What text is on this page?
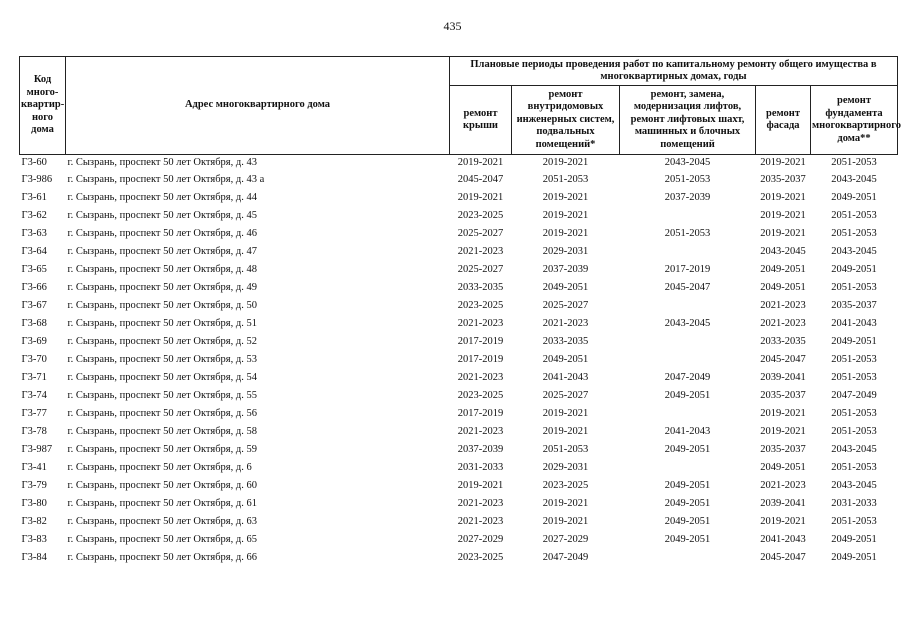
435
Код много-квартир-ного дома	Адрес многоквартирного дома	Плановые периоды проведения работ по капитальному ремонту общего имущества в многоквартирных домах, годы				
		ремонт крыши	ремонт внутридомовых инженерных систем, подвальных помещений*	ремонт, замена, модернизация лифтов, ремонт лифтовых шахт, машинных и блочных помещений	ремонт фасада	ремонт фундамента многоквартирного дома**
Г3-60	г. Сызрань, проспект 50 лет Октября, д. 43	2019-2021	2019-2021	2043-2045	2019-2021	2051-2053
Г3-986	г. Сызрань, проспект 50 лет Октября, д. 43 а	2045-2047	2051-2053	2051-2053	2035-2037	2043-2045
Г3-61	г. Сызрань, проспект 50 лет Октября, д. 44	2019-2021	2019-2021	2037-2039	2019-2021	2049-2051
Г3-62	г. Сызрань, проспект 50 лет Октября, д. 45	2023-2025	2019-2021		2019-2021	2051-2053
Г3-63	г. Сызрань, проспект 50 лет Октября, д. 46	2025-2027	2019-2021	2051-2053	2019-2021	2051-2053
Г3-64	г. Сызрань, проспект 50 лет Октября, д. 47	2021-2023	2029-2031		2043-2045	2043-2045
Г3-65	г. Сызрань, проспект 50 лет Октября, д. 48	2025-2027	2037-2039	2017-2019	2049-2051	2049-2051
Г3-66	г. Сызрань, проспект 50 лет Октября, д. 49	2033-2035	2049-2051	2045-2047	2049-2051	2051-2053
Г3-67	г. Сызрань, проспект 50 лет Октября, д. 50	2023-2025	2025-2027		2021-2023	2035-2037
Г3-68	г. Сызрань, проспект 50 лет Октября, д. 51	2021-2023	2021-2023	2043-2045	2021-2023	2041-2043
Г3-69	г. Сызрань, проспект 50 лет Октября, д. 52	2017-2019	2033-2035		2033-2035	2049-2051
Г3-70	г. Сызрань, проспект 50 лет Октября, д. 53	2017-2019	2049-2051		2045-2047	2051-2053
Г3-71	г. Сызрань, проспект 50 лет Октября, д. 54	2021-2023	2041-2043	2047-2049	2039-2041	2051-2053
Г3-74	г. Сызрань, проспект 50 лет Октября, д. 55	2023-2025	2025-2027	2049-2051	2035-2037	2047-2049
Г3-77	г. Сызрань, проспект 50 лет Октября, д. 56	2017-2019	2019-2021		2019-2021	2051-2053
Г3-78	г. Сызрань, проспект 50 лет Октября, д. 58	2021-2023	2019-2021	2041-2043	2019-2021	2051-2053
Г3-987	г. Сызрань, проспект 50 лет Октября, д. 59	2037-2039	2051-2053	2049-2051	2035-2037	2043-2045
Г3-41	г. Сызрань, проспект 50 лет Октября, д. 6	2031-2033	2029-2031		2049-2051	2051-2053
Г3-79	г. Сызрань, проспект 50 лет Октября, д. 60	2019-2021	2023-2025	2049-2051	2021-2023	2043-2045
Г3-80	г. Сызрань, проспект 50 лет Октября, д. 61	2021-2023	2019-2021	2049-2051	2039-2041	2031-2033
Г3-82	г. Сызрань, проспект 50 лет Октября, д. 63	2021-2023	2019-2021	2049-2051	2019-2021	2051-2053
Г3-83	г. Сызрань, проспект 50 лет Октября, д. 65	2027-2029	2027-2029	2049-2051	2041-2043	2049-2051
Г3-84	г. Сызрань, проспект 50 лет Октября, д. 66	2023-2025	2047-2049		2045-2047	2049-2051
